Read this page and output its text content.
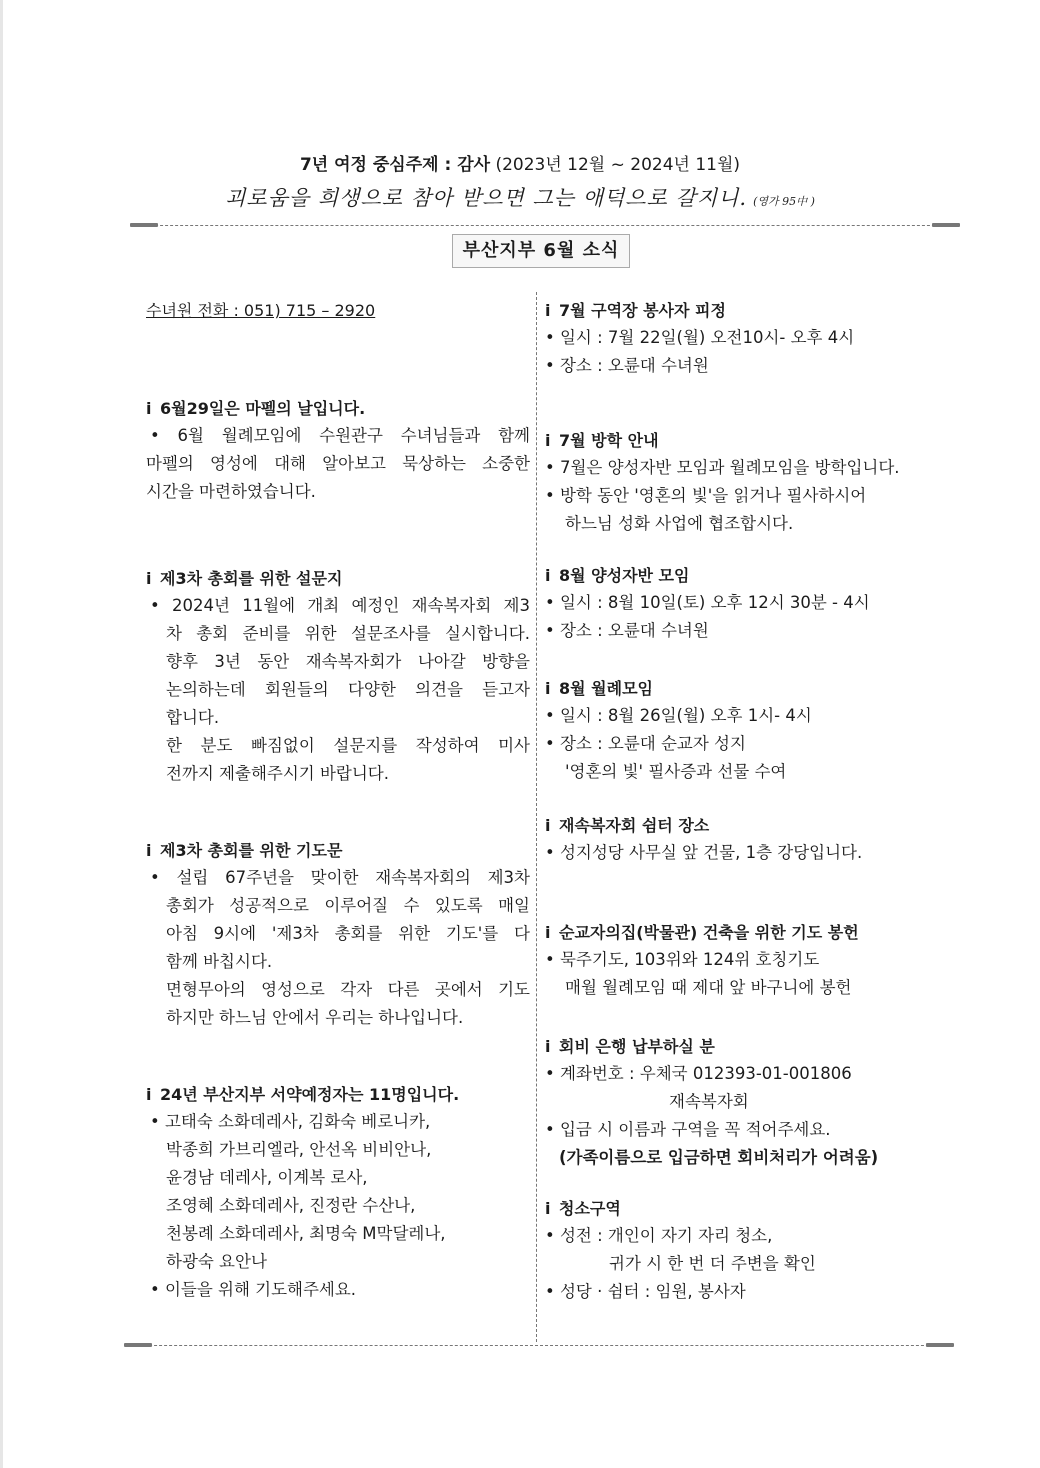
7년 여정 중심주제 : 감사 (2023년 12월 ~ 2024년 11월)
괴로움을 희생으로 참아 받으면 그는 애덕으로 갈지니. (영가 95中 )
부산지부 6월 소식
수녀원 전화 : 051) 715 – 2920
ⅰ 6월29일은 마펠의 날입니다.
• 6월 월례모임에 수원관구 수녀님들과 함께
마펠의 영성에 대해 알아보고 묵상하는 소중한
시간을 마련하였습니다.
ⅰ 제3차 총회를 위한 설문지
• 2024년 11월에 개최 예정인 재속복자회 제3
차 총회 준비를 위한 설문조사를 실시합니다.
향후 3년 동안 재속복자회가 나아갈 방향을
논의하는데 회원들의 다양한 의견을 듣고자
합니다.
한 분도 빠짐없이 설문지를 작성하여 미사
전까지 제출해주시기 바랍니다.
ⅰ 제3차 총회를 위한 기도문
• 설립 67주년을 맞이한 재속복자회의 제3차
총회가 성공적으로 이루어질 수 있도록 매일
아침 9시에 '제3차 총회를 위한 기도'를 다
함께 바칩시다.
면형무아의 영성으로 각자 다른 곳에서 기도
하지만 하느님 안에서 우리는 하나입니다.
ⅰ 24년 부산지부 서약예정자는 11명입니다.
• 고태숙 소화데레사, 김화숙 베로니카,
박종희 가브리엘라, 안선옥 비비안나,
윤경남 데레사, 이계복 로사,
조영혜 소화데레사, 진정란 수산나,
천봉례 소화데레사, 최명숙 M막달레나,
하광숙 요안나
• 이들을 위해 기도해주세요.
ⅰ 7월 구역장 봉사자 피정
• 일시 : 7월 22일(월) 오전10시- 오후 4시
• 장소 : 오륜대 수녀원
ⅰ 7월 방학 안내
• 7월은 양성자반 모임과 월례모임을 방학입니다.
• 방학 동안 '영혼의 빛'을 읽거나 필사하시어
하느님 성화 사업에 협조합시다.
ⅰ 8월 양성자반 모임
• 일시 : 8월 10일(토) 오후 12시 30분 - 4시
• 장소 : 오륜대 수녀원
ⅰ 8월 월례모임
• 일시 : 8월 26일(월) 오후 1시- 4시
• 장소 : 오륜대 순교자 성지
'영혼의 빛' 필사증과 선물 수여
ⅰ 재속복자회 쉼터 장소
• 성지성당 사무실 앞 건물, 1층 강당입니다.
ⅰ 순교자의집(박물관) 건축을 위한 기도 봉헌
• 묵주기도, 103위와 124위 호칭기도
매월 월례모임 때 제대 앞 바구니에 봉헌
ⅰ 회비 은행 납부하실 분
• 계좌번호 : 우체국 012393-01-001806
재속복자회
• 입금 시 이름과 구역을 꼭 적어주세요.
(가족이름으로 입금하면 회비처리가 어려움)
ⅰ 청소구역
• 성전 : 개인이 자기 자리 청소,
귀가 시 한 번 더 주변을 확인
• 성당 · 쉼터 : 임원, 봉사자
